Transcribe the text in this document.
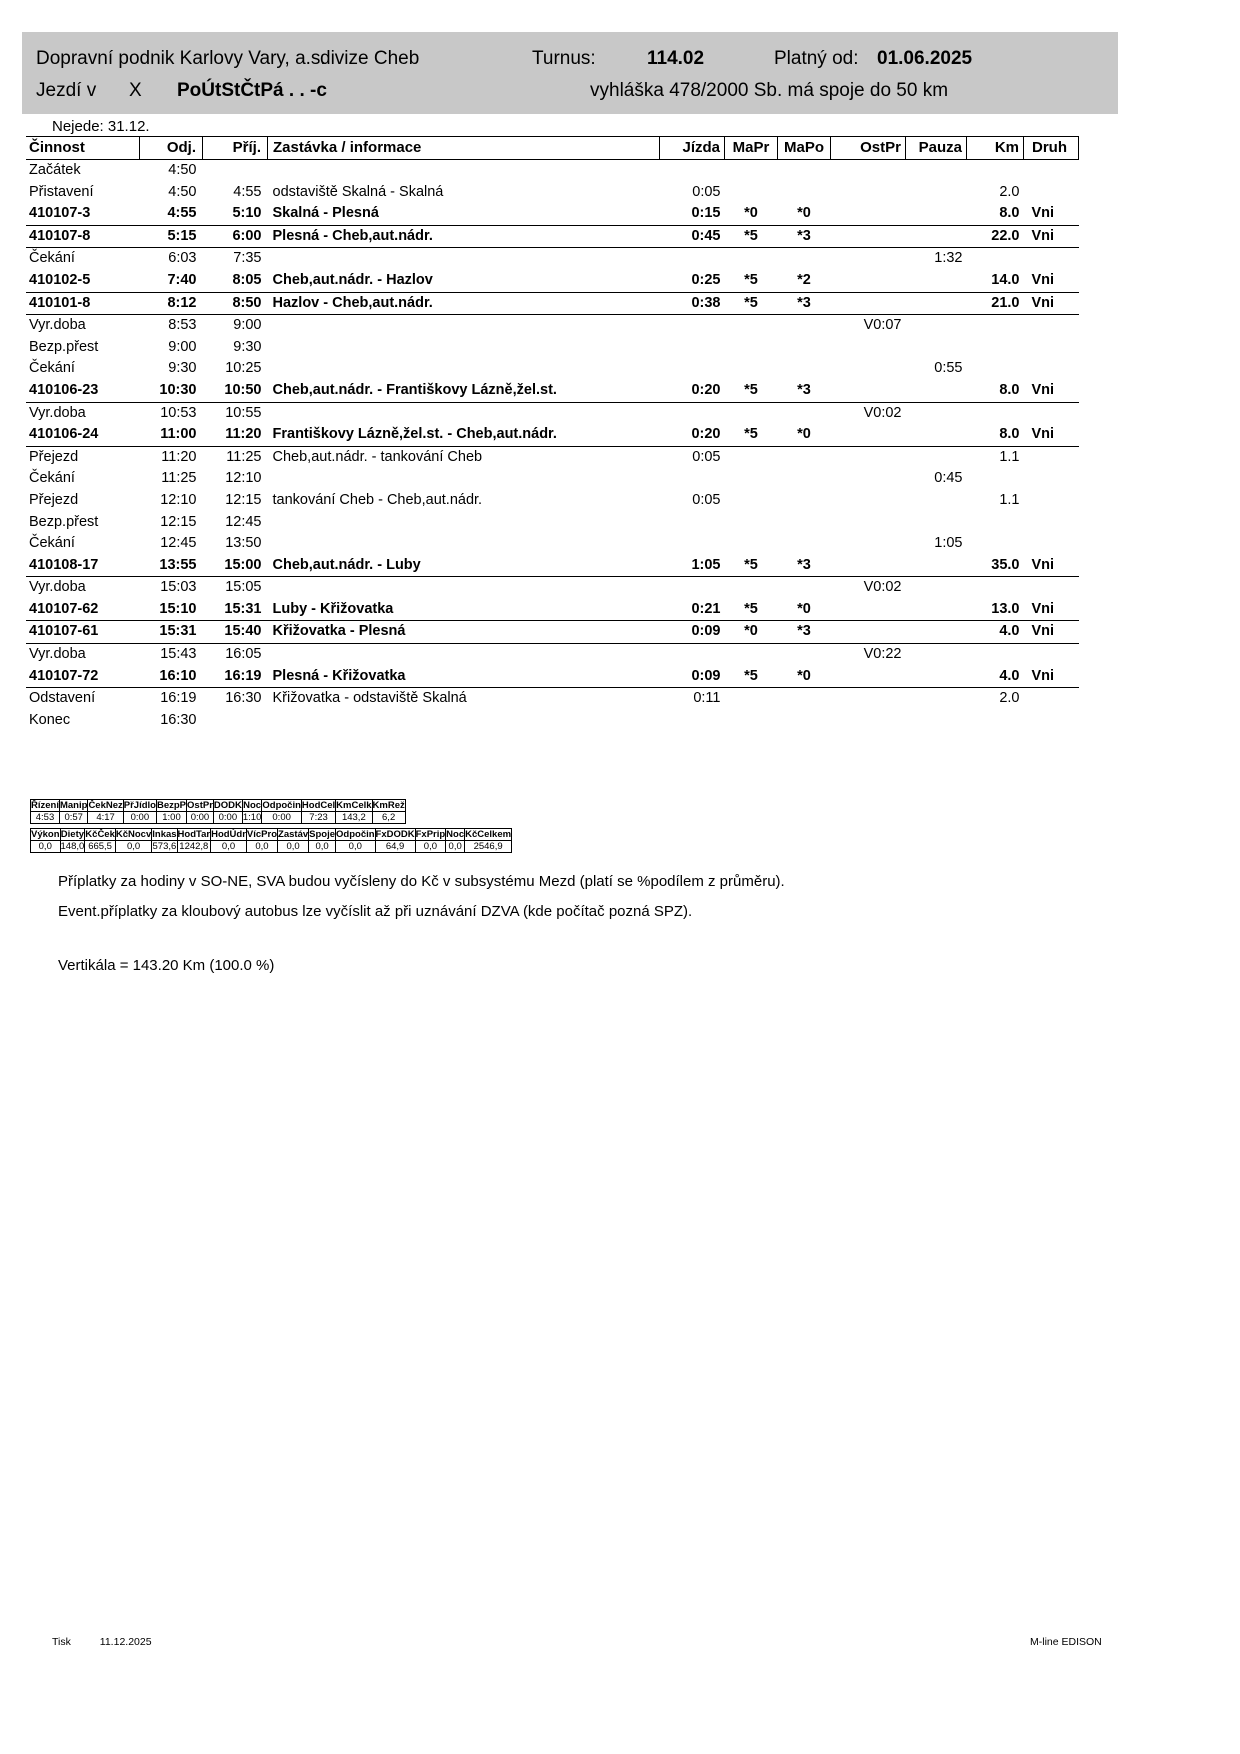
Dopravní podnik Karlovy Vary, a.s.
divize Cheb	Turnus:	114.02	Platný od: 01.06.2025
Jezdí v X PoÚtStČtPá . . -c	vyhláška 478/2000 Sb. má spoje do 50 km
Nejede: 31.12.
Činnost	Odj.	Příj.	Zastávka / informace	Jízda	MaPr	MaPo	OstPr	Pauza	Km	Druh
Začátek	4:50									
Přistavení	4:50	4:55	odstaviště Skalná - Skalná	0:05					2.0	
410107-3	4:55	5:10	Skalná - Plesná	0:15	*0	*0			8.0	Vni
410107-8	5:15	6:00	Plesná - Cheb,aut.nádr.	0:45	*5	*3			22.0	Vni
Čekání	6:03	7:35						1:32		
410102-5	7:40	8:05	Cheb,aut.nádr. - Hazlov	0:25	*5	*2			14.0	Vni
410101-8	8:12	8:50	Hazlov - Cheb,aut.nádr.	0:38	*5	*3			21.0	Vni
Vyr.doba	8:53	9:00					V0:07			
Bezp.přest	9:00	9:30								
Čekání	9:30	10:25						0:55		
410106-23	10:30	10:50	Cheb,aut.nádr. - Františkovy Lázně,žel.st.	0:20	*5	*3			8.0	Vni
Vyr.doba	10:53	10:55					V0:02			
410106-24	11:00	11:20	Františkovy Lázně,žel.st. - Cheb,aut.nádr.	0:20	*5	*0			8.0	Vni
Přejezd	11:20	11:25	Cheb,aut.nádr. - tankování Cheb	0:05					1.1	
Čekání	11:25	12:10						0:45		
Přejezd	12:10	12:15	tankování Cheb - Cheb,aut.nádr.	0:05					1.1	
Bezp.přest	12:15	12:45								
Čekání	12:45	13:50						1:05		
410108-17	13:55	15:00	Cheb,aut.nádr. - Luby	1:05	*5	*3			35.0	Vni
Vyr.doba	15:03	15:05					V0:02			
410107-62	15:10	15:31	Luby - Křižovatka	0:21	*5	*0			13.0	Vni
410107-61	15:31	15:40	Křižovatka - Plesná	0:09	*0	*3			4.0	Vni
Vyr.doba	15:43	16:05					V0:22			
410107-72	16:10	16:19	Plesná - Křižovatka	0:09	*5	*0			4.0	Vni
Odstavení	16:19	16:30	Křižovatka - odstaviště Skalná	0:11					2.0	
Konec	16:30									
Řízení	Manip	ČekNez	PřJídlo	BezpP	OstPr	DODK	Noc	Odpočin	HodCel	KmCelk	KmRež
4:53	0:57	4:17	0:00	1:00	0:00	0:00	1:10	0:00	7:23	143,2	6,2
Výkon	Diety	KčČek	KčNocv	Inkas	HodTar	HodÚdr	VícPro	Zastáv	Spoje	Odpočin	FxDODK	FxPrip	Noc	KčCelkem
0,0	148,0	665,5	0,0	573,6	1242,8	0,0	0,0	0,0	0,0	0,0	64,9	0,0	0,0	2546,9
Příplatky za hodiny v SO-NE, SVA budou vyčísleny do Kč v subsystému Mezd (platí se %podílem z průměru).
Event.příplatky za kloubový autobus lze vyčíslit až při uznávání DZVA (kde počítač pozná SPZ).
Vertikála = 143.20 Km (100.0 %)
Tisk	11.12.2025	M-line EDISON
